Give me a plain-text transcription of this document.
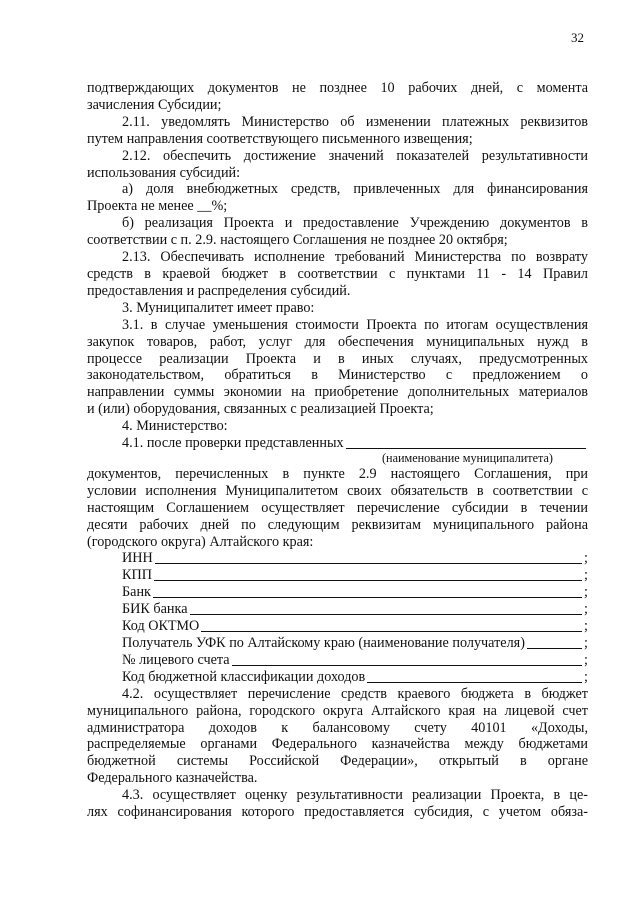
32
подтверждающих документов не позднее 10 рабочих дней, с момента
зачисления Субсидии;
2.11. уведомлять Министерство об изменении платежных реквизитов
путем направления соответствующего письменного извещения;
2.12. обеспечить достижение значений показателей результативности
использования субсидий:
а) доля внебюджетных средств, привлеченных для финансирования
Проекта не менее __%;
б) реализация Проекта и предоставление Учреждению документов в
соответствии с п. 2.9. настоящего Соглашения не позднее 20 октября;
2.13. Обеспечивать исполнение требований Министерства по возврату
средств в краевой бюджет в соответствии с пунктами 11 - 14 Правил
предоставления и распределения субсидий.
3. Муниципалитет имеет право:
3.1. в случае уменьшения стоимости Проекта по итогам осуществления
закупок товаров, работ, услуг для обеспечения муниципальных нужд в
процессе реализации Проекта и в иных случаях, предусмотренных
законодательством, обратиться в Министерство с предложением о
направлении суммы экономии на приобретение дополнительных материалов
и (или) оборудования, связанных с реализацией Проекта;
4. Министерство:
4.1. после проверки представленных
(наименование муниципалитета)
документов, перечисленных в пункте 2.9 настоящего Соглашения, при
условии исполнения Муниципалитетом своих обязательств в соответствии с
настоящим Соглашением осуществляет перечисление субсидии в течении
десяти рабочих дней по следующим реквизитам муниципального района
(городского округа) Алтайского края:
ИНН	;
КПП	;
Банк	;
БИК банка	;
Код ОКТМО	;
Получатель УФК по Алтайскому краю (наименование получателя)	;
№ лицевого счета	;
Код бюджетной классификации доходов	;
4.2. осуществляет перечисление средств краевого бюджета в бюджет
муниципального района, городского округа Алтайского края на лицевой счет
администратора доходов к балансовому счету 40101 «Доходы,
распределяемые органами Федерального казначейства между бюджетами
бюджетной системы Российской Федерации», открытый в органе
Федерального казначейства.
4.3. осуществляет оценку результативности реализации Проекта, в це-
лях софинансирования которого предоставляется субсидия, с учетом обяза-
